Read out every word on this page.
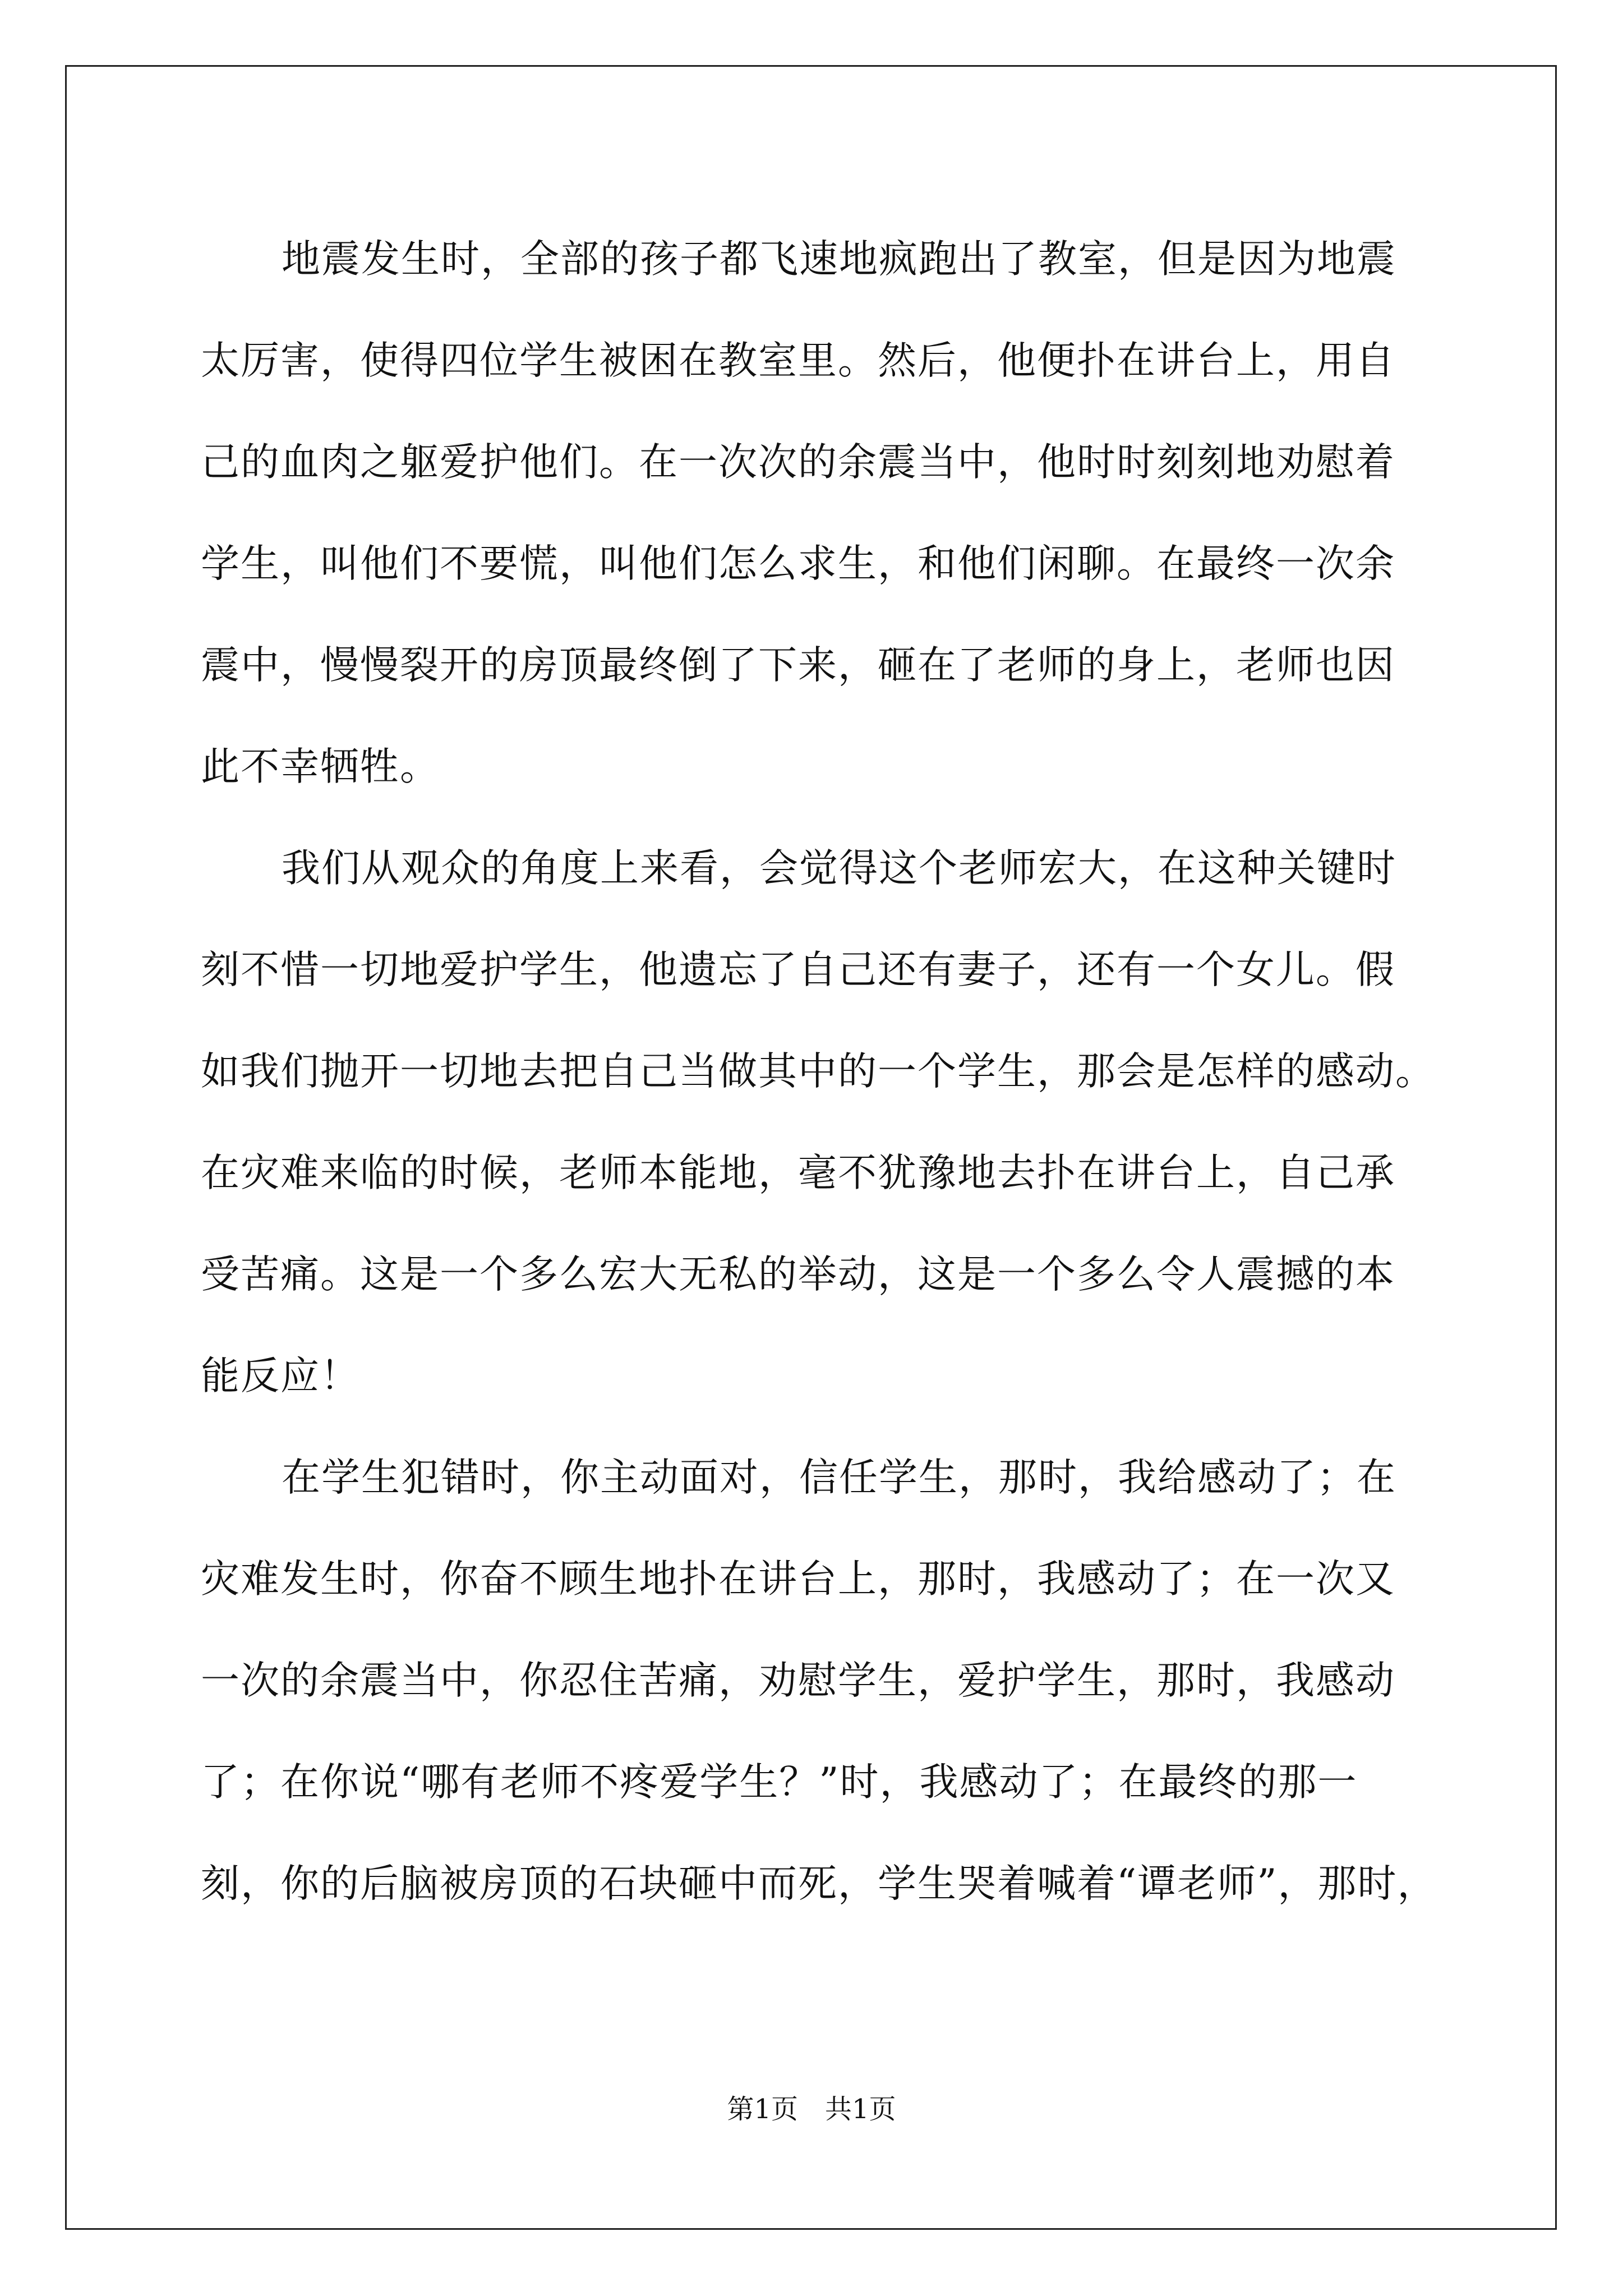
地震发生时，全部的孩子都飞速地疯跑出了教室，但是因为地震
太厉害，使得四位学生被困在教室里。然后，他便扑在讲台上，用自
己的血肉之躯爱护他们。在一次次的余震当中，他时时刻刻地劝慰着
学生，叫他们不要慌，叫他们怎么求生，和他们闲聊。在最终一次余
震中，慢慢裂开的房顶最终倒了下来，砸在了老师的身上，老师也因
此不幸牺牲。
我们从观众的角度上来看，会觉得这个老师宏大，在这种关键时
刻不惜一切地爱护学生，他遗忘了自己还有妻子，还有一个女儿。假
如我们抛开一切地去把自己当做其中的一个学生，那会是怎样的感动。
在灾难来临的时候，老师本能地，毫不犹豫地去扑在讲台上，自己承
受苦痛。这是一个多么宏大无私的举动，这是一个多么令人震撼的本
能反应！
在学生犯错时，你主动面对，信任学生，那时，我给感动了；在
灾难发生时，你奋不顾生地扑在讲台上，那时，我感动了；在一次又
一次的余震当中，你忍住苦痛，劝慰学生，爱护学生，那时，我感动
了；在你说“哪有老师不疼爱学生？”时，我感动了；在最终的那一
刻，你的后脑被房顶的石块砸中而死，学生哭着喊着“谭老师”，那时，
第1页　共1页
